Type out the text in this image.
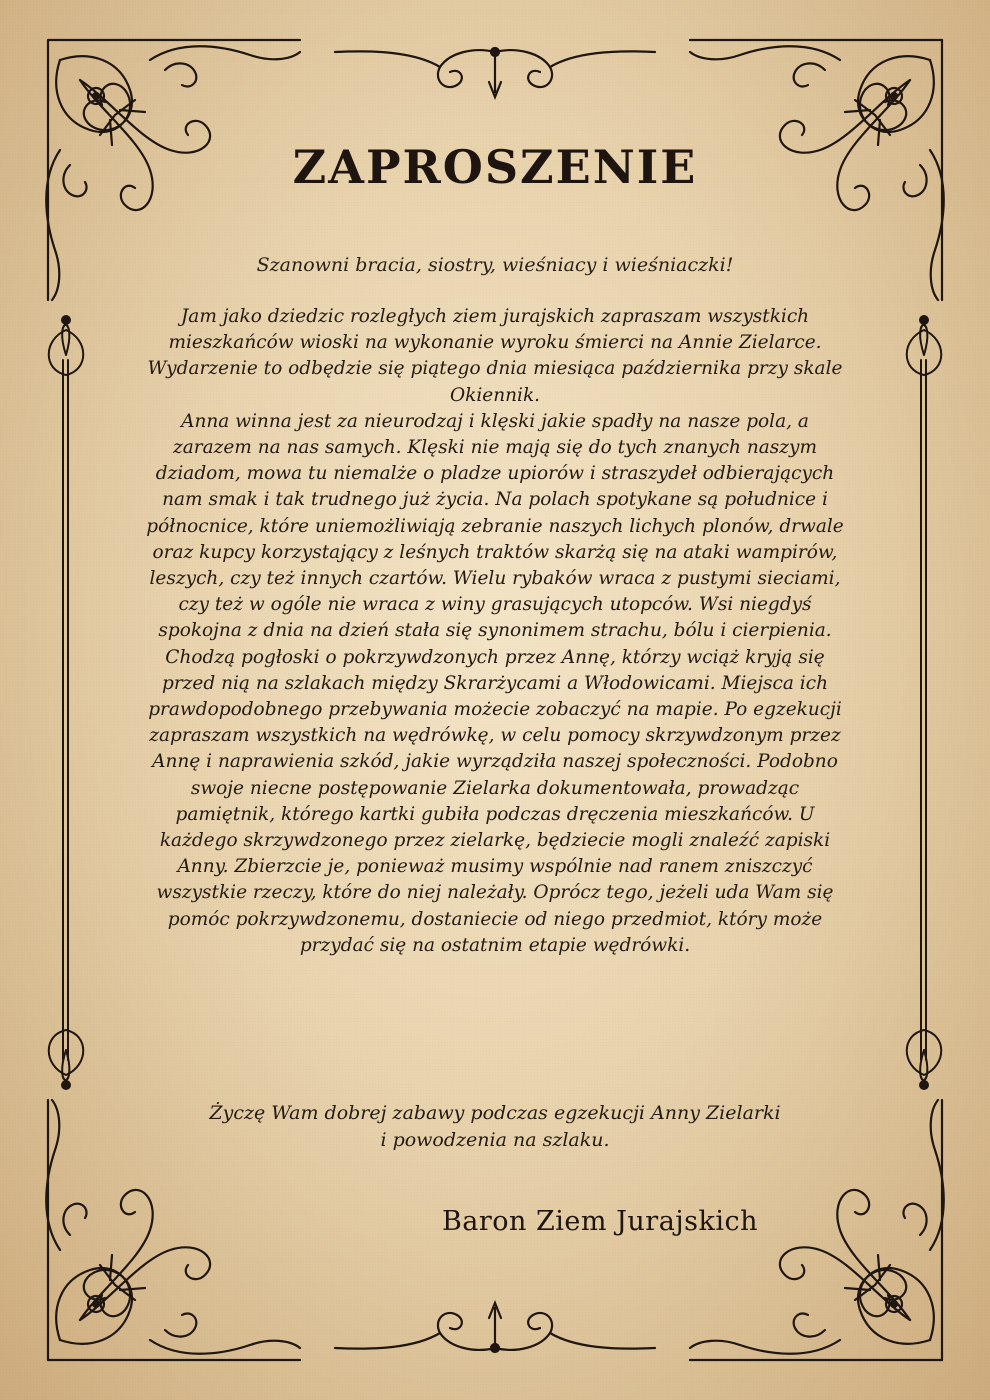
ZAPROSZENIE
Szanowni bracia, siostry, wieśniacy i wieśniaczki!

Jam jako dziedzic rozległych ziem jurajskich zapraszam wszystkich mieszkańców wioski na wykonanie wyroku śmierci na Annie Zielarce. Wydarzenie to odbędzie się piątego dnia miesiąca października przy skale Okiennik.

Anna winna jest za nieurodzaj i klęski jakie spadły na nasze pola, a zarazem na nas samych. Klęski nie mają się do tych znanych naszym dziadom, mowa tu niemalże o pladze upiorów i straszydeł odbierających nam smak i tak trudnego już życia. Na polach spotykane są południce i północnice, które uniemożliwiają zebranie naszych lichych plonów, drwale oraz kupcy korzystający z leśnych traktów skarżą się na ataki wampirów, leszych, czy też innych czartów. Wielu rybaków wraca z pustymi sieciami, czy też w ogóle nie wraca z winy grasujących utopców. Wsi niegdyś spokojna z dnia na dzień stała się synonimem strachu, bólu i cierpienia.

Chodzą pogłoski o pokrzywdzonych przez Annę, którzy wciąż kryją się przed nią na szlakach między Skrarżycami a Włodowicami. Miejsca ich prawdopodobnego przebywania możecie zobaczyć na mapie. Po egzekucji zapraszam wszystkich na wędrówkę, w celu pomocy skrzywdzonym przez Annę i naprawienia szkód, jakie wyrządziła naszej społeczności. Podobno swoje niecne postępowanie Zielarka dokumentowała, prowadząc pamiętnik, którego kartki gubiła podczas dręczenia mieszkańców. U każdego skrzywdzonego przez zielarkę, będziecie mogli znaleźć zapiski Anny. Zbierzcie je, ponieważ musimy wspólnie nad ranem zniszczyć wszystkie rzeczy, które do niej należały. Oprócz tego, jeżeli uda Wam się pomóc pokrzywdzonemu, dostaniecie od niego przedmiot, który może przydać się na ostatnim etapie wędrówki.

Życzę Wam dobrej zabawy podczas egzekucji Anny Zielarki

i powodzenia na szlaku.

Baron Ziem Jurajskich
